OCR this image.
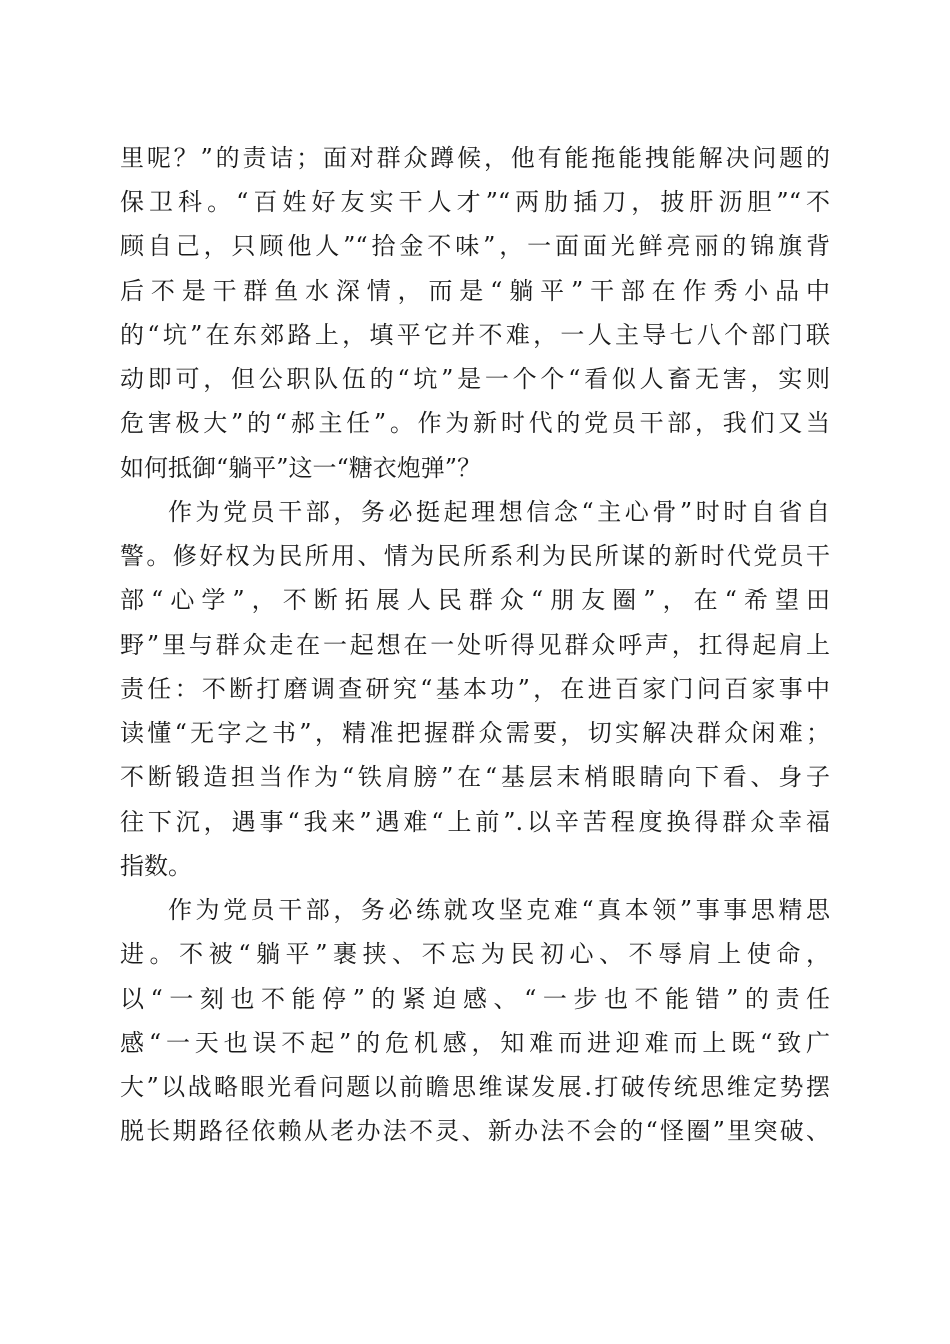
里呢？”的责诘；面对群众蹲候，他有能拖能拽能解决问题的
保卫科。“百姓好友实干人才”“两肋插刀，披肝沥胆”“不
顾自己，只顾他人”“拾金不味”，一面面光鲜亮丽的锦旗背
后不是干群鱼水深情，而是“躺平”干部在作秀小品中
的“坑”在东郊路上，填平它并不难，一人主导七八个部门联
动即可，但公职队伍的“坑”是一个个“看似人畜无害，实则
危害极大”的“郝主任”。作为新时代的党员干部，我们又当
如何抵御“躺平”这一“糖衣炮弹”？
作为党员干部，务必挺起理想信念“主心骨”时时自省自
警。修好权为民所用、情为民所系利为民所谋的新时代党员干
部“心学”，不断拓展人民群众“朋友圈”，在“希望田
野”里与群众走在一起想在一处听得见群众呼声，扛得起肩上
责任：不断打磨调查研究“基本功”，在进百家门问百家事中
读懂“无字之书”，精准把握群众需要，切实解决群众闲难；
不断锻造担当作为“铁肩膀”在“基层末梢眼睛向下看、身子
往下沉，遇事“我来”遇难“上前”.以辛苦程度换得群众幸福
指数。
作为党员干部，务必练就攻坚克难“真本领”事事思精思
进。不被“躺平”裹挟、不忘为民初心、不辱肩上使命，
以“一刻也不能停”的紧迫感、“一步也不能错”的责任
感“一天也误不起”的危机感，知难而进迎难而上既“致广
大”以战略眼光看问题以前瞻思维谋发展.打破传统思维定势摆
脱长期路径依赖从老办法不灵、新办法不会的“怪圈”里突破、
